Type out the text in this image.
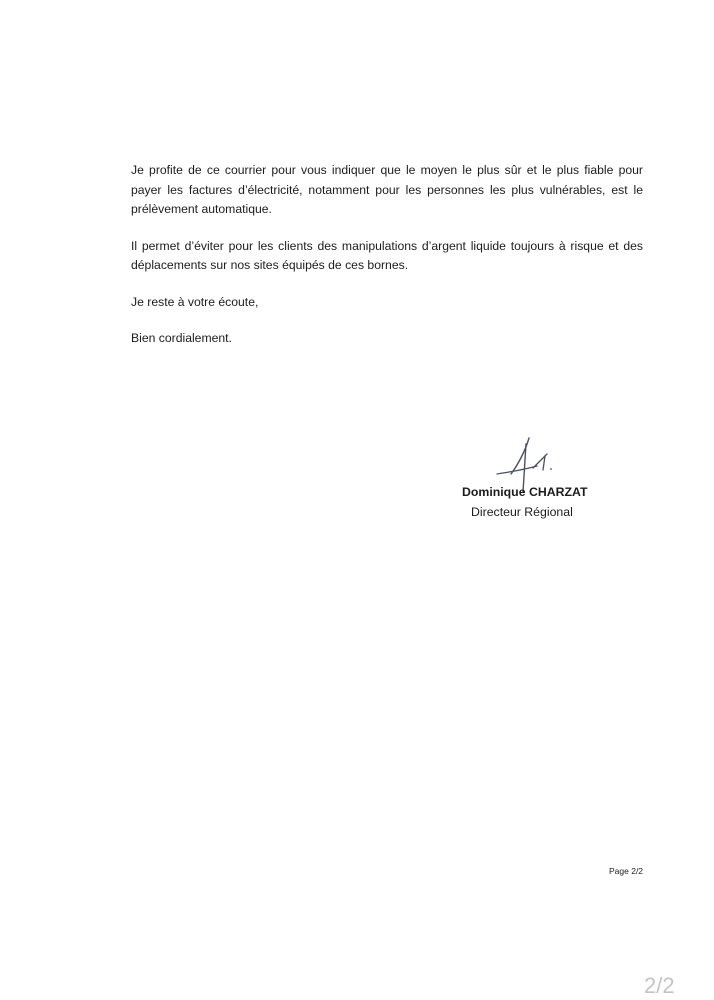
Je profite de ce courrier pour vous indiquer que le moyen le plus sûr et le plus fiable pour payer les factures d’électricité, notamment pour les personnes les plus vulnérables, est le prélèvement automatique.

Il permet d’éviter pour les clients des manipulations d’argent liquide toujours à risque et des déplacements sur nos sites équipés de ces bornes.

Je reste à votre écoute,

Bien cordialement.

Dominique CHARZAT
Directeur Régional
Page 2/2
2/2
